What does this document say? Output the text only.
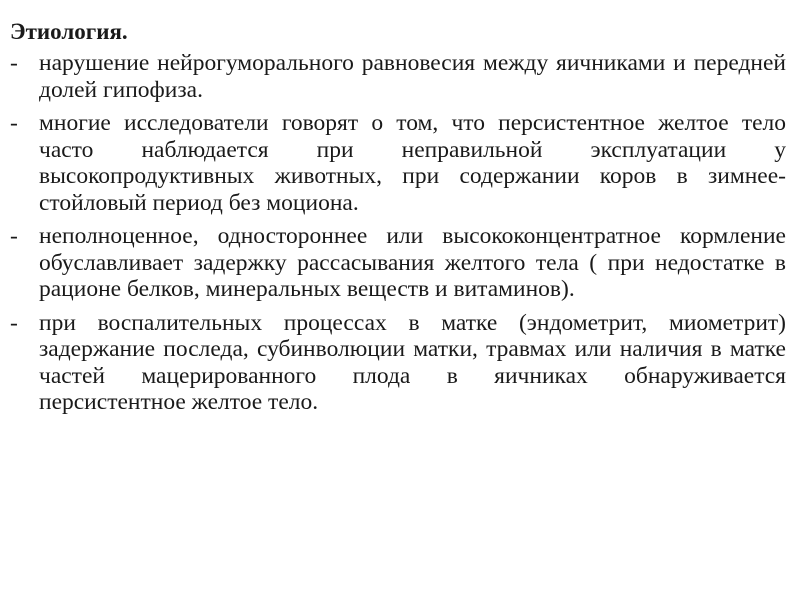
Этиология.
- нарушение нейрогуморального равновесия между яичниками и передней долей гипофиза.
- многие исследователи говорят о том, что персистентное желтое тело часто наблюдается при неправильной эксплуатации у высокопродуктивных животных, при содержании коров в зимнее-стойловый период без моциона.
- неполноценное, одностороннее или высококонцентратное кормление обуславливает задержку рассасывания желтого тела ( при недостатке в рационе белков, минеральных веществ и витаминов).
- при воспалительных процессах в матке (эндометрит, миометрит) задержание последа, субинволюции матки, травмах или наличия в матке частей мацерированного плода в яичниках обнаруживается персистентное желтое тело.
